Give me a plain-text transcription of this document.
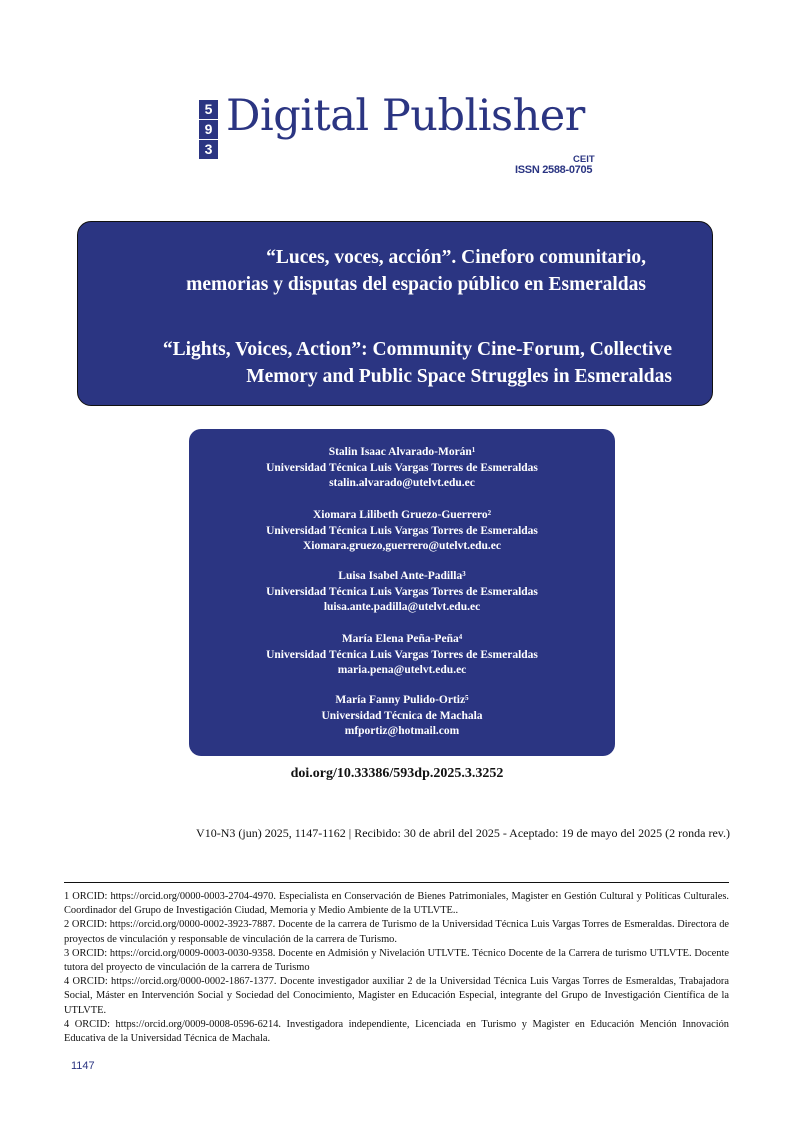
5
9
3
Digital Publisher
CEIT
ISSN 2588-0705
“Luces, voces, acción”. Cineforo comunitario,
memorias y disputas del espacio público en Esmeraldas
“Lights, Voices, Action”: Community Cine-Forum, Collective
Memory and Public Space Struggles in Esmeraldas
Stalin Isaac Alvarado-Morán¹
Universidad Técnica Luis Vargas Torres de Esmeraldas
stalin.alvarado@utelvt.edu.ec
Xiomara Lilibeth Gruezo-Guerrero²
Universidad Técnica Luis Vargas Torres de Esmeraldas
Xiomara.gruezo,guerrero@utelvt.edu.ec
Luisa Isabel Ante-Padilla³
Universidad Técnica Luis Vargas Torres de Esmeraldas
luisa.ante.padilla@utelvt.edu.ec
María Elena Peña-Peña⁴
Universidad Técnica Luis Vargas Torres de Esmeraldas
maria.pena@utelvt.edu.ec
María Fanny Pulido-Ortiz⁵
Universidad Técnica de Machala
mfportiz@hotmail.com
doi.org/10.33386/593dp.2025.3.3252
V10-N3 (jun) 2025, 1147-1162 | Recibido: 30 de abril del 2025 - Aceptado: 19 de mayo del 2025 (2 ronda rev.)

1 ORCID: https://orcid.org/0000-0003-2704-4970. Especialista en Conservación de Bienes Patrimoniales, Magister en Gestión Cultural y Políticas Culturales. Coordinador del Grupo de Investigación Ciudad, Memoria y Medio Ambiente de la UTLVTE..

2 ORCID: https://orcid.org/0000-0002-3923-7887. Docente de la carrera de Turismo de la Universidad Técnica Luis Vargas Torres de Esmeraldas. Directora de proyectos de vinculación y responsable de vinculación de la carrera de Turismo.

3 ORCID: https://orcid.org/0009-0003-0030-9358. Docente en Admisión y Nivelación UTLVTE. Técnico Docente de la Carrera de turismo UTLVTE. Docente tutora del proyecto de vinculación de la carrera de Turismo

4 ORCID: https://orcid.org/0000-0002-1867-1377. Docente investigador auxiliar 2 de la Universidad Técnica Luis Vargas Torres de Esmeraldas, Trabajadora Social, Máster en Intervención Social y Sociedad del Conocimiento, Magister en Educación Especial, integrante del Grupo de Investigación Científica de la UTLVTE.

4 ORCID: https://orcid.org/0009-0008-0596-6214. Investigadora independiente, Licenciada en Turismo y Magister en Educación Mención Innovación Educativa de la Universidad Técnica de Machala.

1147
